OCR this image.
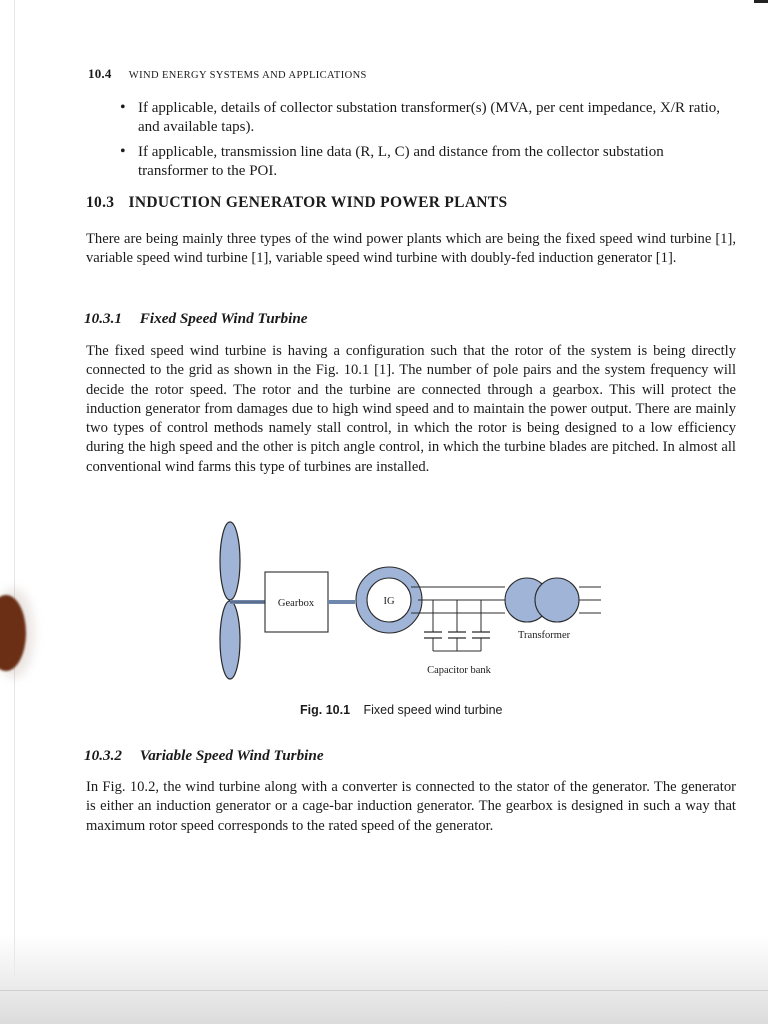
10.4 WIND ENERGY SYSTEMS AND APPLICATIONS
• If applicable, details of collector substation transformer(s) (MVA, per cent impedance, X/R ratio, and available taps).
• If applicable, transmission line data (R, L, C) and distance from the collector substation transformer to the POI.
10.3 INDUCTION GENERATOR WIND POWER PLANTS
There are being mainly three types of the wind power plants which are being the fixed speed wind turbine [1], variable speed wind turbine [1], variable speed wind turbine with doubly-fed induction generator [1].
10.3.1 Fixed Speed Wind Turbine
The fixed speed wind turbine is having a configuration such that the rotor of the system is being directly connected to the grid as shown in the Fig. 10.1 [1]. The number of pole pairs and the system frequency will decide the rotor speed. The rotor and the turbine are connected through a gearbox. This will protect the induction generator from damages due to high wind speed and to maintain the power output. There are mainly two types of control methods namely stall control, in which the rotor is being designed to a low efficiency during the high speed and the other is pitch angle control, in which the turbine blades are pitched. In almost all conventional wind farms this type of turbines are installed.
Gearbox	IG
Capacitor bank
Transformer
Fig. 10.1 Fixed speed wind turbine
10.3.2 Variable Speed Wind Turbine
In Fig. 10.2, the wind turbine along with a converter is connected to the stator of the generator. The generator is either an induction generator or a cage-bar induction generator. The gearbox is designed in such a way that maximum rotor speed corresponds to the rated speed of the generator.
